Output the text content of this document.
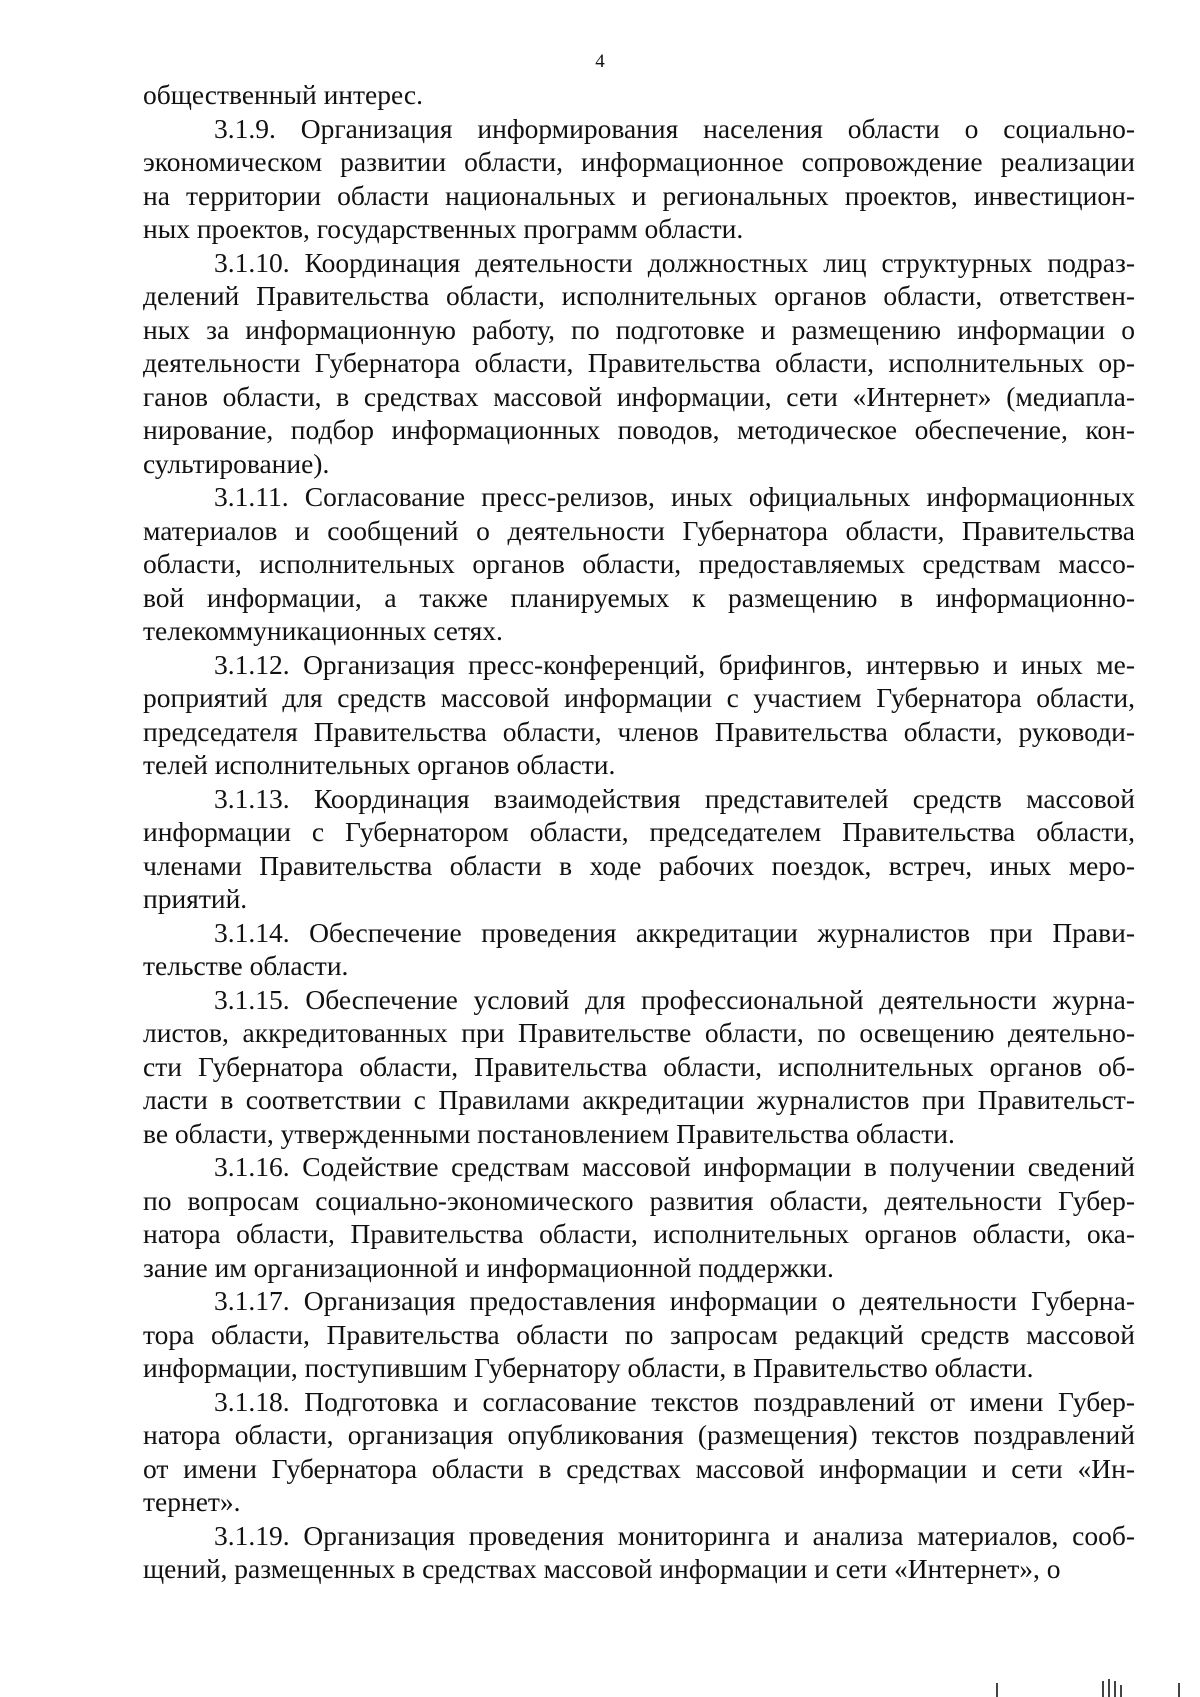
4
общественный интерес.
3.1.9. Организация информирования населения области о социально-
экономическом развитии области, информационное сопровождение реализации
на территории области национальных и региональных проектов, инвестицион-
ных проектов, государственных программ области.
3.1.10. Координация деятельности должностных лиц структурных подраз-
делений Правительства области, исполнительных органов области, ответствен-
ных за информационную работу, по подготовке и размещению информации о
деятельности Губернатора области, Правительства области, исполнительных ор-
ганов области, в средствах массовой информации, сети «Интернет» (медиапла-
нирование, подбор информационных поводов, методическое обеспечение, кон-
сультирование).
3.1.11. Согласование пресс-релизов, иных официальных информационных
материалов и сообщений о деятельности Губернатора области, Правительства
области, исполнительных органов области, предоставляемых средствам массо-
вой информации, а также планируемых к размещению в информационно-
телекоммуникационных сетях.
3.1.12. Организация пресс-конференций, брифингов, интервью и иных ме-
роприятий для средств массовой информации с участием Губернатора области,
председателя Правительства области, членов Правительства области, руководи-
телей исполнительных органов области.
3.1.13. Координация взаимодействия представителей средств массовой
информации с Губернатором области, председателем Правительства области,
членами Правительства области в ходе рабочих поездок, встреч, иных меро-
приятий.
3.1.14. Обеспечение проведения аккредитации журналистов при Прави-
тельстве области.
3.1.15. Обеспечение условий для профессиональной деятельности журна-
листов, аккредитованных при Правительстве области, по освещению деятельно-
сти Губернатора области, Правительства области, исполнительных органов об-
ласти в соответствии с Правилами аккредитации журналистов при Правительст-
ве области, утвержденными постановлением Правительства области.
3.1.16. Содействие средствам массовой информации в получении сведений
по вопросам социально-экономического развития области, деятельности Губер-
натора области, Правительства области, исполнительных органов области, ока-
зание им организационной и информационной поддержки.
3.1.17. Организация предоставления информации о деятельности Губерна-
тора области, Правительства области по запросам редакций средств массовой
информации, поступившим Губернатору области, в Правительство области.
3.1.18. Подготовка и согласование текстов поздравлений от имени Губер-
натора области, организация опубликования (размещения) текстов поздравлений
от имени Губернатора области в средствах массовой информации и сети «Ин-
тернет».
3.1.19. Организация проведения мониторинга и анализа материалов, сооб-
щений, размещенных в средствах массовой информации и сети «Интернет», о
